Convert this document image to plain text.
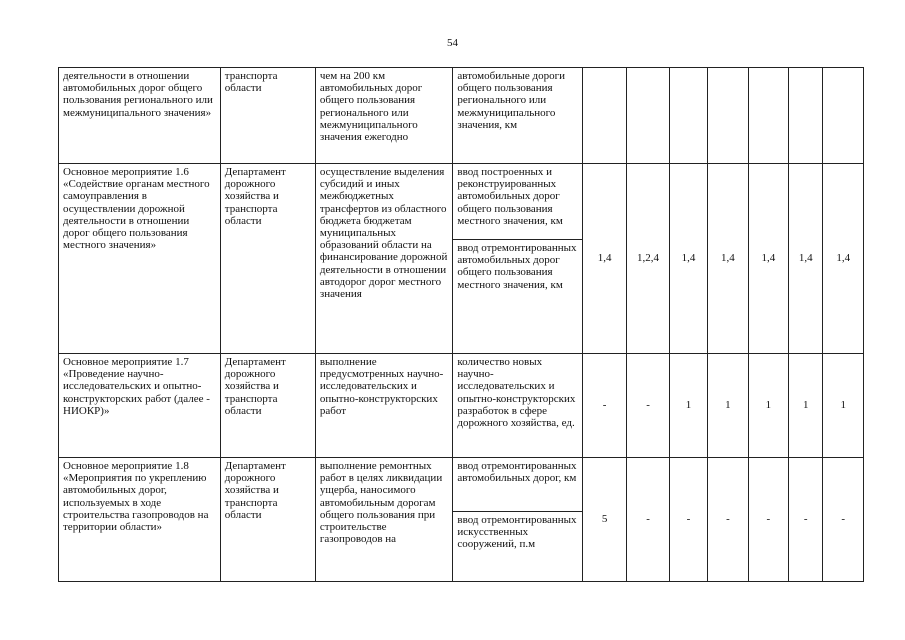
54
деятельности в отношении автомобильных дорог общего пользования регионального или межмуниципального значения»	транспорта области	чем на 200 км автомобильных дорог общего пользования регионального или межмуниципального значения ежегодно	автомобильные дороги общего пользования регионального или межмуниципального значения, км							
Основное мероприятие 1.6 «Содействие органам местного самоуправления в осуществлении дорожной деятельности в отношении дорог общего пользования местного значения»	Департамент дорожного хозяйства и транспорта области	осуществление выделения субсидий и иных межбюджетных трансфертов из областного бюджета бюджетам муниципальных образований области на финансирование дорожной деятельности в отношении автодорог дорог местного значения	ввод построенных и реконструированных автомобильных дорог общего пользования местного значения, км
ввод отремонтированных автомобильных дорог общего пользования местного значения, км	1,4	1,2,4	1,4	1,4	1,4	1,4	1,4
Основное мероприятие 1.7 «Проведение научно-исследовательских и опытно-конструкторских работ (далее - НИОКР)»	Департамент дорожного хозяйства и транспорта области	выполнение предусмотренных научно-исследовательских и опытно-конструкторских работ	количество новых научно-исследовательских и опытно-конструкторских разработок в сфере дорожного хозяйства, ед.	-	-	1	1	1	1	1
Основное мероприятие 1.8 «Мероприятия по укреплению автомобильных дорог, используемых в ходе строительства газопроводов на территории области»	Департамент дорожного хозяйства и транспорта области	выполнение ремонтных работ в целях ликвидации ущерба, наносимого автомобильным дорогам общего пользования при строительстве газопроводов на	ввод отремонтированных автомобильных дорог, км
ввод отремонтированных искусственных сооружений, п.м	5	-	-	-	-	-	-
